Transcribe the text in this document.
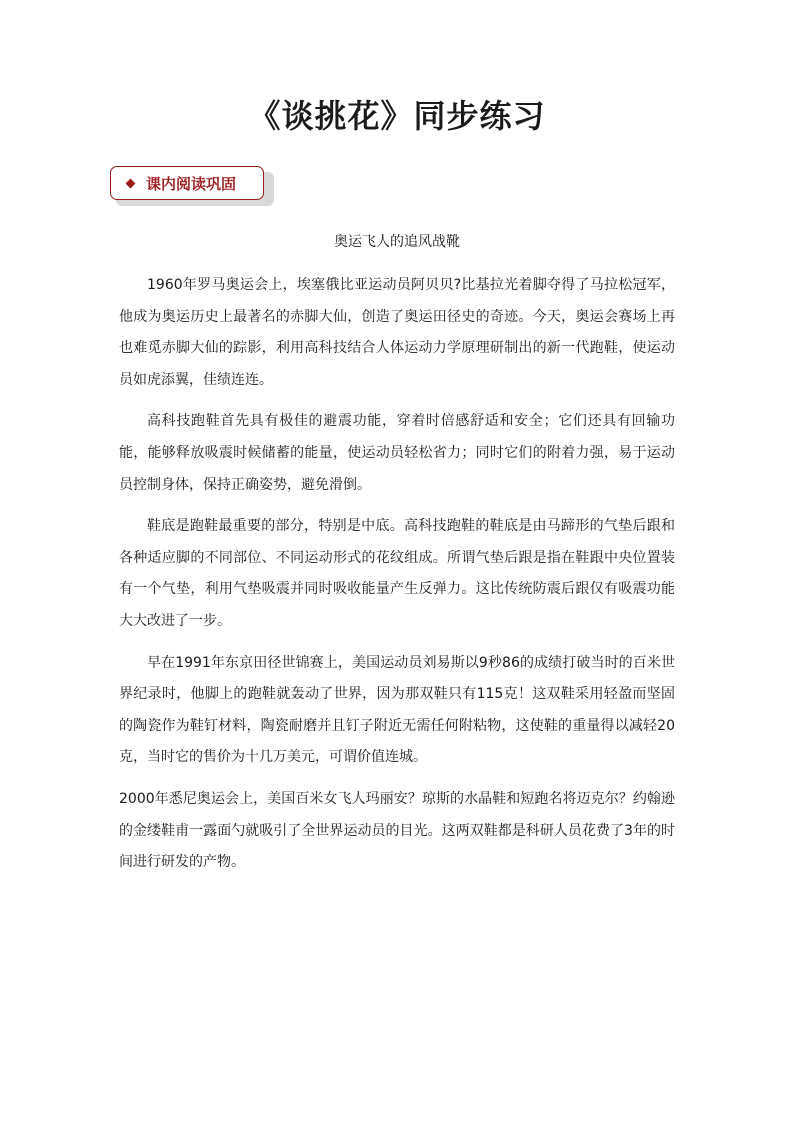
《谈挑花》同步练习
课内阅读巩固
奥运飞人的追风战靴

1960年罗马奥运会上，埃塞俄比亚运动员阿贝贝?比基拉光着脚夺得了马拉松冠军，他成为奥运历史上最著名的赤脚大仙，创造了奥运田径史的奇迹。今天，奥运会赛场上再也难觅赤脚大仙的踪影，利用高科技结合人体运动力学原理研制出的新一代跑鞋，使运动员如虎添翼，佳绩连连。

高科技跑鞋首先具有极佳的避震功能，穿着时倍感舒适和安全；它们还具有回输功能，能够释放吸震时候储蓄的能量，使运动员轻松省力；同时它们的附着力强，易于运动员控制身体，保持正确姿势，避免滑倒。

鞋底是跑鞋最重要的部分，特别是中底。高科技跑鞋的鞋底是由马蹄形的气垫后跟和各种适应脚的不同部位、不同运动形式的花纹组成。所谓气垫后跟是指在鞋跟中央位置装有一个气垫，利用气垫吸震并同时吸收能量产生反弹力。这比传统防震后跟仅有吸震功能大大改进了一步。

早在1991年东京田径世锦赛上，美国运动员刘易斯以9秒86的成绩打破当时的百米世界纪录时，他脚上的跑鞋就轰动了世界，因为那双鞋只有115克！这双鞋采用轻盈而坚固的陶瓷作为鞋钉材料，陶瓷耐磨并且钉子附近无需任何附粘物，这使鞋的重量得以减轻20克，当时它的售价为十几万美元，可谓价值连城。

2000年悉尼奥运会上，美国百米女飞人玛丽安？琼斯的水晶鞋和短跑名将迈克尔？约翰逊的金缕鞋甫一露面勺就吸引了全世界运动员的目光。这两双鞋都是科研人员花费了3年的时间进行研发的产物。
